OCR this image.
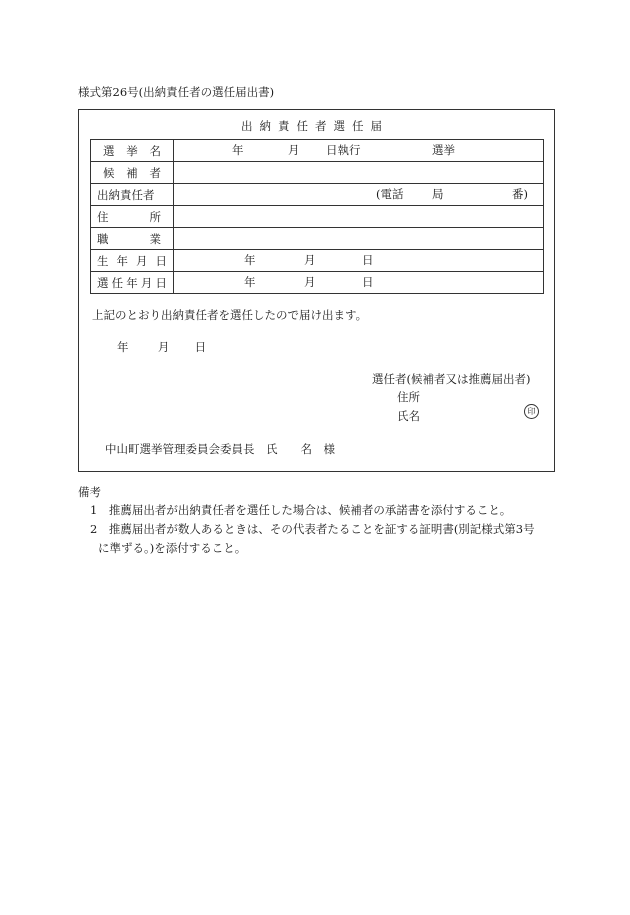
様式第26号(出納責任者の選任届出書)
出納責任者選任届
選 挙 名	年 月 日執行 選挙

候 補 者	

出納責任者	(電話 局 番)

住 所	

職 業	

生 年 月 日	年 月 日

選 任 年 月 日	年 月 日
上記のとおり出納責任者を選任したので届け出ます。
年	月 日
選任者(候補者又は推薦届出者)
住所
氏名	印
中山町選挙管理委員会委員長　氏　　名　様
備考
1　推薦届出者が出納責任者を選任した場合は、候補者の承諾書を添付すること。
2　推薦届出者が数人あるときは、その代表者たることを証する証明書(別記様式第3号
に準ずる。)を添付すること。
